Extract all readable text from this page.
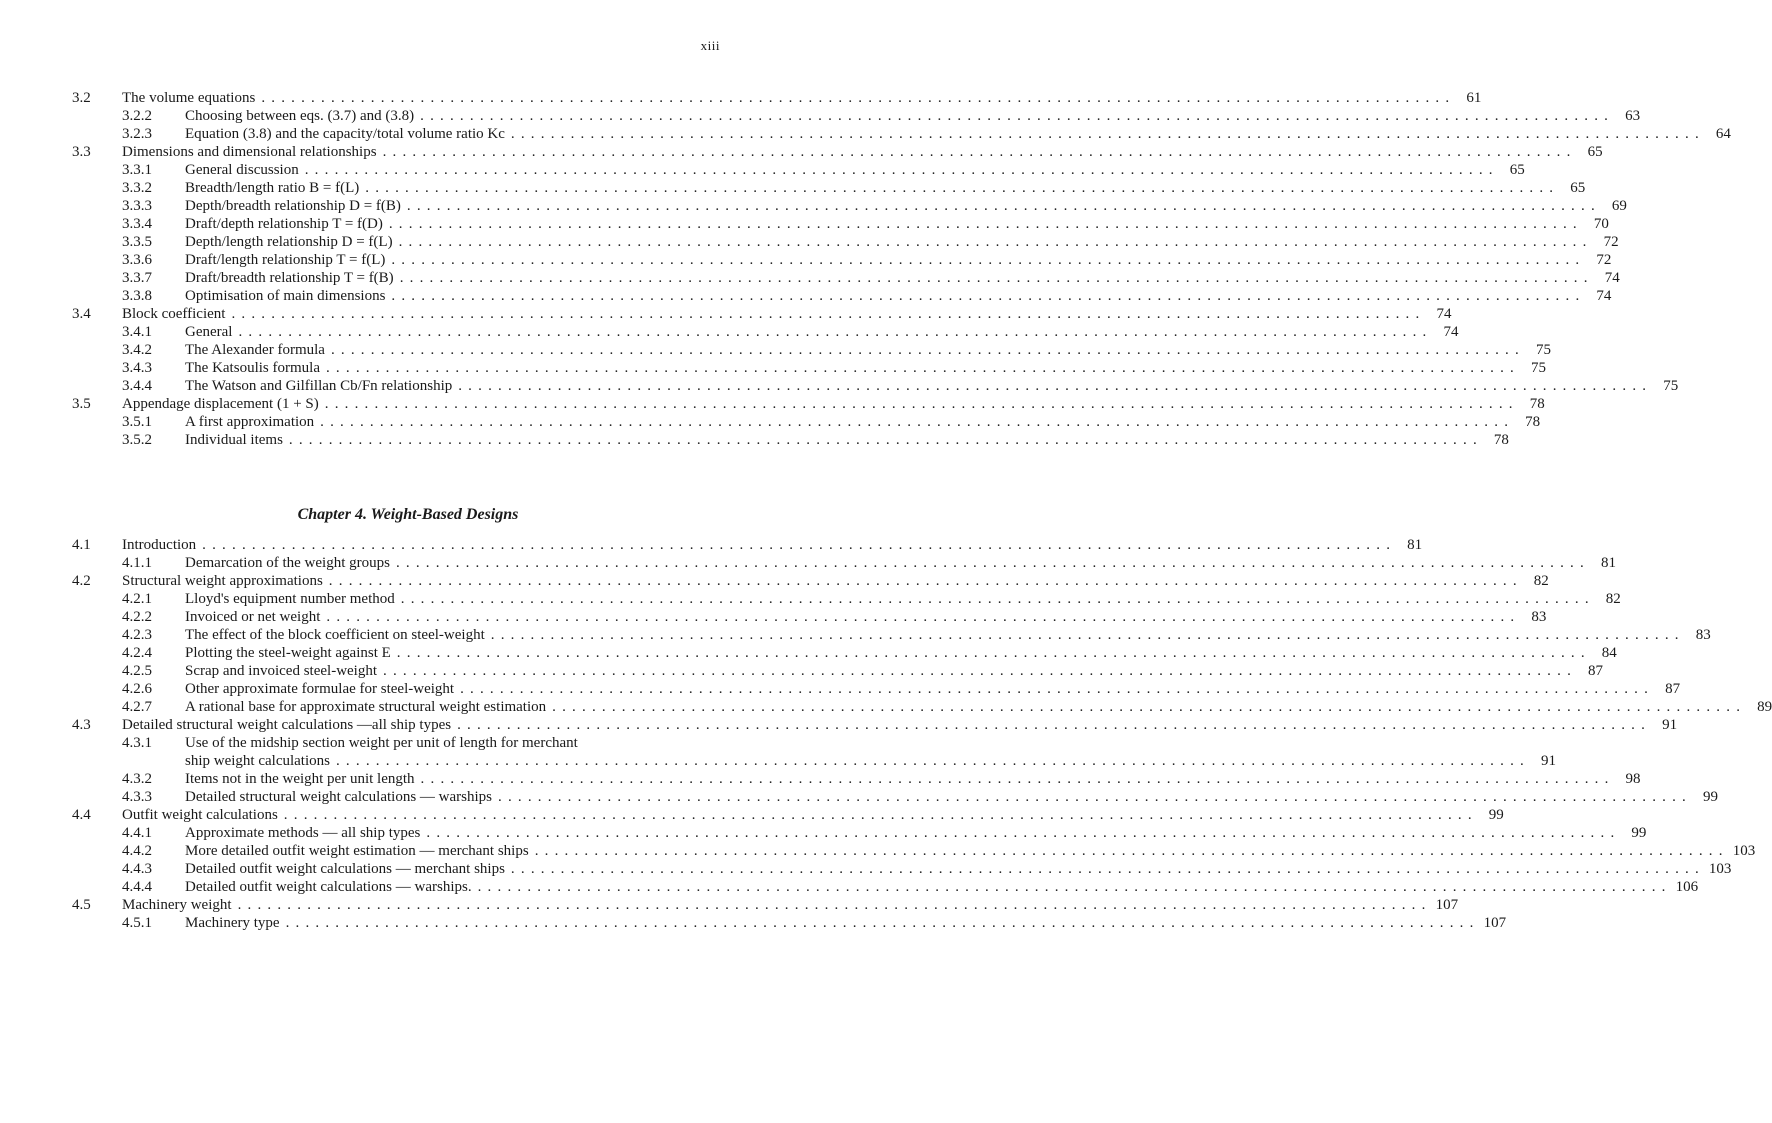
xiii
3.2 The volume equations ........................................................................................................................ 61
3.2.2 Choosing between eqs. (3.7) and (3.8) ........................................................................................................................ 63
3.2.3 Equation (3.8) and the capacity/total volume ratio Kc ........................................................................................................................ 64
3.3 Dimensions and dimensional relationships ........................................................................................................................ 65
3.3.1 General discussion ........................................................................................................................ 65
3.3.2 Breadth/length ratio B = f(L) ........................................................................................................................ 65
3.3.3 Depth/breadth relationship D = f(B) ........................................................................................................................ 69
3.3.4 Draft/depth relationship T = f(D) ........................................................................................................................ 70
3.3.5 Depth/length relationship D = f(L) ........................................................................................................................ 72
3.3.6 Draft/length relationship T = f(L) ........................................................................................................................ 72
3.3.7 Draft/breadth relationship T = f(B) ........................................................................................................................ 74
3.3.8 Optimisation of main dimensions ........................................................................................................................ 74
3.4 Block coefficient ........................................................................................................................ 74
3.4.1 General ........................................................................................................................ 74
3.4.2 The Alexander formula ........................................................................................................................ 75
3.4.3 The Katsoulis formula ........................................................................................................................ 75
3.4.4 The Watson and Gilfillan Cb/Fn relationship ........................................................................................................................ 75
3.5 Appendage displacement (1 + S) ........................................................................................................................ 78
3.5.1 A first approximation ........................................................................................................................ 78
3.5.2 Individual items ........................................................................................................................ 78
4.1 Introduction ........................................................................................................................ 81
4.1.1 Demarcation of the weight groups ........................................................................................................................ 81
4.2 Structural weight approximations ........................................................................................................................ 82
4.2.1 Lloyd's equipment number method ........................................................................................................................ 82
4.2.2 Invoiced or net weight ........................................................................................................................ 83
4.2.3 The effect of the block coefficient on steel-weight ........................................................................................................................ 83
4.2.4 Plotting the steel-weight against E ........................................................................................................................ 84
4.2.5 Scrap and invoiced steel-weight ........................................................................................................................ 87
4.2.6 Other approximate formulae for steel-weight ........................................................................................................................ 87
4.2.7 A rational base for approximate structural weight estimation ........................................................................................................................ 89
4.3 Detailed structural weight calculations —all ship types ........................................................................................................................ 91
4.3.1 Use of the midship section weight per unit of length for merchant
ship weight calculations ........................................................................................................................ 91
4.3.2 Items not in the weight per unit length ........................................................................................................................ 98
4.3.3 Detailed structural weight calculations — warships ........................................................................................................................ 99
4.4 Outfit weight calculations ........................................................................................................................ 99
4.4.1 Approximate methods — all ship types ........................................................................................................................ 99
4.4.2 More detailed outfit weight estimation — merchant ships ........................................................................................................................ 103
4.4.3 Detailed outfit weight calculations — merchant ships ........................................................................................................................ 103
4.4.4 Detailed outfit weight calculations — warships. ........................................................................................................................ 106
4.5 Machinery weight ........................................................................................................................ 107
4.5.1 Machinery type ........................................................................................................................ 107
Chapter 4. Weight-Based Designs
